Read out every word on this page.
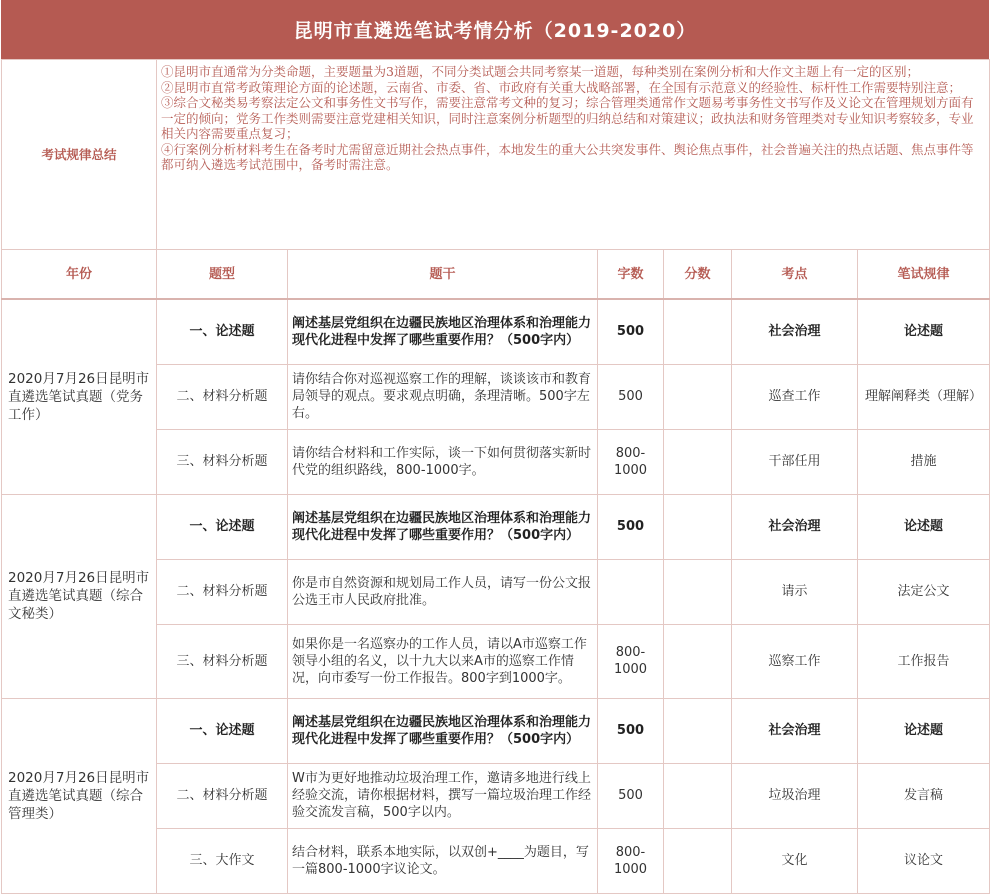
昆明市直遴选笔试考情分析（2019-2020）
考试规律总结	①昆明市直通常为分类命题，主要题量为3道题，不同分类试题会共同考察某一道题，每种类别在案例分析和大作文主题上有一定的区别；

②昆明市直常考政策理论方面的论述题，云南省、市委、省、市政府有关重大战略部署，在全国有示范意义的经验性、标杆性工作需要特别注意；

③综合文秘类易考察法定公文和事务性文书写作，需要注意常考文种的复习；综合管理类通常作文题易考事务性文书写作及义论文在管理规划方面有一定的倾向；党务工作类则需要注意党建相关知识，同时注意案例分析题型的归纳总结和对策建议；政执法和财务管理类对专业知识考察较多，专业相关内容需要重点复习；

④行案例分析材料考生在备考时尤需留意近期社会热点事件，本地发生的重大公共突发事件、舆论焦点事件，社会普遍关注的热点话题、焦点事件等都可纳入遴选考试范围中，备考时需注意。					

年份	题型	题干	字数	分数	考点	笔试规律
2020月7月26日昆明市直遴选笔试真题（党务工作）	一、论述题	阐述基层党组织在边疆民族地区治理体系和治理能力现代化进程中发挥了哪些重要作用？（500字内）	500		社会治理	论述题
	二、材料分析题	请你结合你对巡视巡察工作的理解，谈谈该市和教育局领导的观点。要求观点明确，条理清晰。500字左右。	500		巡查工作	理解阐释类（理解）
	三、材料分析题	请你结合材料和工作实际，谈一下如何贯彻落实新时代党的组织路线，800-1000字。	800-1000		干部任用	措施
2020月7月26日昆明市直遴选笔试真题（综合文秘类）	一、论述题	阐述基层党组织在边疆民族地区治理体系和治理能力现代化进程中发挥了哪些重要作用？（500字内）	500		社会治理	论述题
	二、材料分析题	你是市自然资源和规划局工作人员，请写一份公文报公选王市人民政府批准。			请示	法定公文
	三、材料分析题	如果你是一名巡察办的工作人员，请以A市巡察工作领导小组的名义，以十九大以来A市的巡察工作情况，向市委写一份工作报告。800字到1000字。	800-1000		巡察工作	工作报告
2020月7月26日昆明市直遴选笔试真题（综合管理类）	一、论述题	阐述基层党组织在边疆民族地区治理体系和治理能力现代化进程中发挥了哪些重要作用？（500字内）	500		社会治理	论述题
	二、材料分析题	W市为更好地推动垃圾治理工作，邀请多地进行线上经验交流，请你根据材料，撰写一篇垃圾治理工作经验交流发言稿，500字以内。	500		垃圾治理	发言稿
	三、大作文	结合材料，联系本地实际，以双创+____为题目，写一篇800-1000字议论文。	800-1000		文化	议论文
